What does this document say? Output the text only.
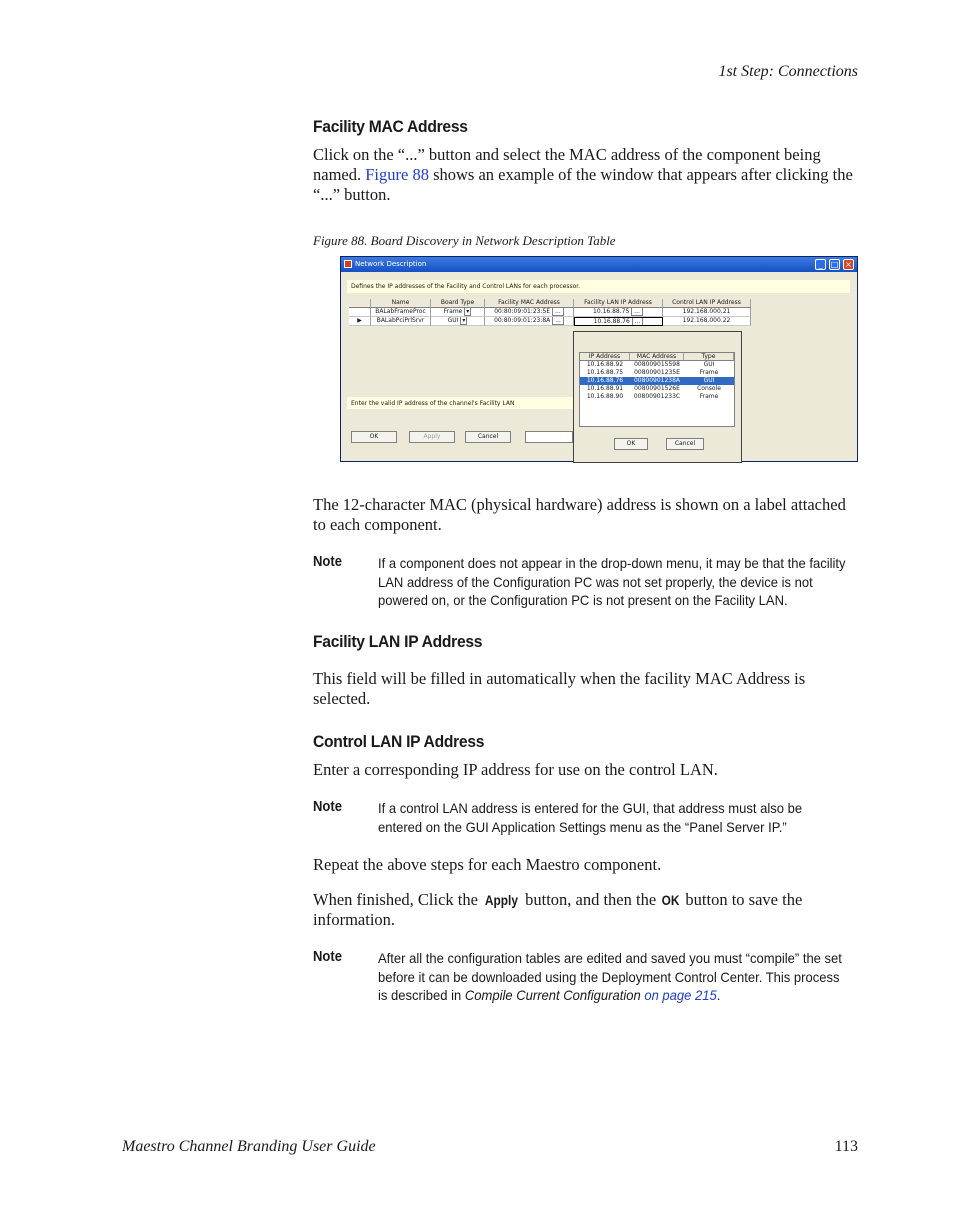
1st Step: Connections
Facility MAC Address
Click on the “...” button and select the MAC address of the component being named. Figure 88 shows an example of the window that appears after clicking the “...” button.
Figure 88. Board Discovery in Network Description Table
Network Description	_	□ ×
Defines the IP addresses of the Facility and Control LANs for each processor.
Name	Board Type	Facility MAC Address	Facility LAN IP Address	Control LAN IP Address
BALabFrameProc	Frame ▾	00:80:09:01:23:5E ...	10.16.88.75 ...	192.168.000.21
▶	BALabPciPrlSrvr	GUI ▾	00:80:09:01:23:8A ...	10.16.88.76 ...	192.168.000.22
Enter the valid IP address of the channel's Facility LAN
OK	Apply	Cancel
IP Address	MAC Address	Type
10.16.88.92	008009015598	GUI
10.16.88.75	00800901235E	Frame
10.16.88.76	00800901238A	GUI
10.16.88.91	00800901526E	Console
10.16.88.90	00800901233C	Frame
OK	Cancel
The 12-character MAC (physical hardware) address is shown on a label attached to each component.
Note	If a component does not appear in the drop-down menu, it may be that the facility LAN address of the Configuration PC was not set properly, the device is not powered on, or the Configuration PC is not present on the Facility LAN.
Facility LAN IP Address
This field will be filled in automatically when the facility MAC Address is selected.
Control LAN IP Address
Enter a corresponding IP address for use on the control LAN.
Note	If a control LAN address is entered for the GUI, that address must also be entered on the GUI Application Settings menu as the “Panel Server IP.”
Repeat the above steps for each Maestro component.
When finished, Click the Apply button, and then the OK button to save the information.
Note	After all the configuration tables are edited and saved you must “compile” the set before it can be downloaded using the Deployment Control Center. This process is described in Compile Current Configuration on page 215.
Maestro Channel Branding User Guide	113
